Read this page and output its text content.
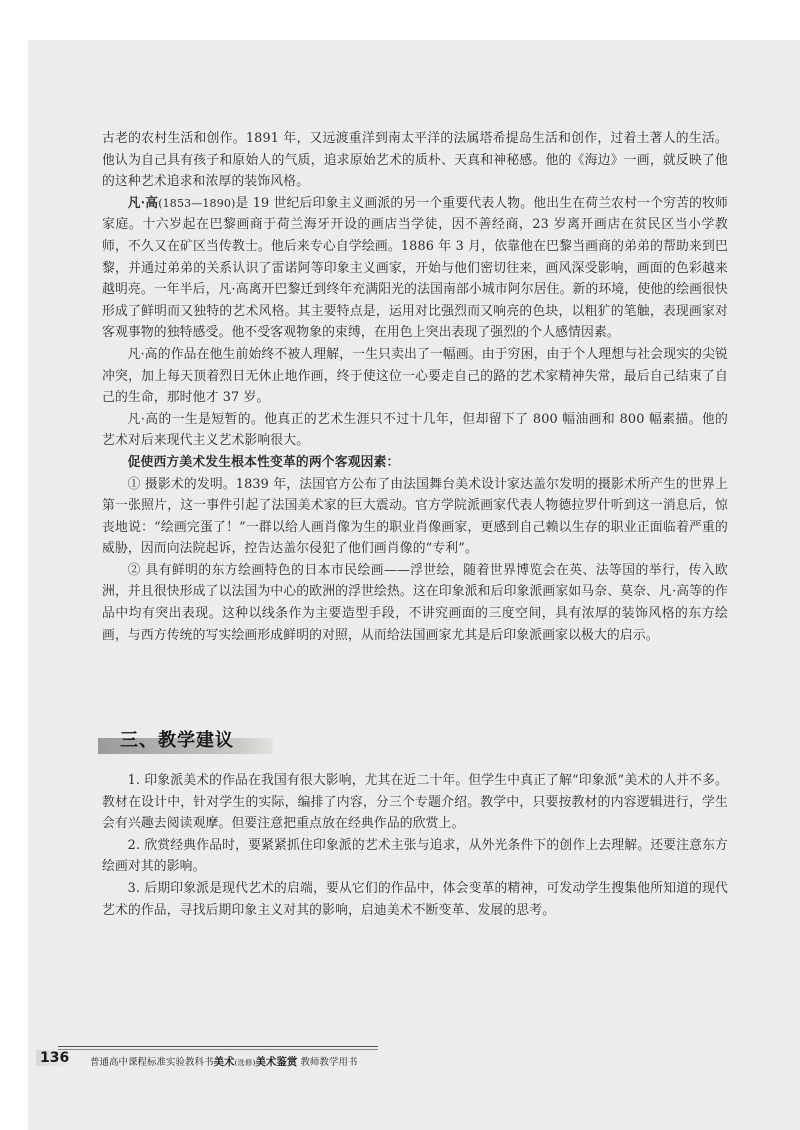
古老的农村生活和创作。1891 年，又远渡重洋到南太平洋的法属塔希提岛生活和创作，过着土著人的生活。他认为自己具有孩子和原始人的气质，追求原始艺术的质朴、天真和神秘感。他的《海边》一画，就反映了他的这种艺术追求和浓厚的装饰风格。

凡·高(1853—1890)是 19 世纪后印象主义画派的另一个重要代表人物。他出生在荷兰农村一个穷苦的牧师家庭。十六岁起在巴黎画商于荷兰海牙开设的画店当学徒，因不善经商，23 岁离开画店在贫民区当小学教师，不久又在矿区当传教士。他后来专心自学绘画。1886 年 3 月，依靠他在巴黎当画商的弟弟的帮助来到巴黎，并通过弟弟的关系认识了雷诺阿等印象主义画家，开始与他们密切往来，画风深受影响，画面的色彩越来越明亮。一年半后，凡·高离开巴黎迁到终年充满阳光的法国南部小城市阿尔居住。新的环境，使他的绘画很快形成了鲜明而又独特的艺术风格。其主要特点是，运用对比强烈而又响亮的色块，以粗犷的笔触，表现画家对客观事物的独特感受。他不受客观物象的束缚，在用色上突出表现了强烈的个人感情因素。

凡·高的作品在他生前始终不被人理解，一生只卖出了一幅画。由于穷困，由于个人理想与社会现实的尖锐冲突，加上每天顶着烈日无休止地作画，终于使这位一心要走自己的路的艺术家精神失常，最后自己结束了自己的生命，那时他才 37 岁。

凡·高的一生是短暂的。他真正的艺术生涯只不过十几年，但却留下了 800 幅油画和 800 幅素描。他的艺术对后来现代主义艺术影响很大。

促使西方美术发生根本性变革的两个客观因素：

① 摄影术的发明。1839 年，法国官方公布了由法国舞台美术设计家达盖尔发明的摄影术所产生的世界上第一张照片，这一事件引起了法国美术家的巨大震动。官方学院派画家代表人物德拉罗什听到这一消息后，惊丧地说：“绘画完蛋了！”一群以给人画肖像为生的职业肖像画家，更感到自己赖以生存的职业正面临着严重的威胁，因而向法院起诉，控告达盖尔侵犯了他们画肖像的“专利”。

② 具有鲜明的东方绘画特色的日本市民绘画——浮世绘，随着世界博览会在英、法等国的举行，传入欧洲，并且很快形成了以法国为中心的欧洲的浮世绘热。这在印象派和后印象派画家如马奈、莫奈、凡·高等的作品中均有突出表现。这种以线条作为主要造型手段，不讲究画面的三度空间，具有浓厚的装饰风格的东方绘画，与西方传统的写实绘画形成鲜明的对照，从而给法国画家尤其是后印象派画家以极大的启示。

三、教学建议

1. 印象派美术的作品在我国有很大影响，尤其在近二十年。但学生中真正了解“印象派”美术的人并不多。教材在设计中，针对学生的实际，编排了内容，分三个专题介绍。教学中，只要按教材的内容逻辑进行，学生会有兴趣去阅读观摩。但要注意把重点放在经典作品的欣赏上。

2. 欣赏经典作品时，要紧紧抓住印象派的艺术主张与追求，从外光条件下的创作上去理解。还要注意东方绘画对其的影响。

3. 后期印象派是现代艺术的启端，要从它们的作品中，体会变革的精神，可发动学生搜集他所知道的现代艺术的作品，寻找后期印象主义对其的影响，启迪美术不断变革、发展的思考。

136	普通高中课程标准实验教科书美术(选修)美术鉴赏 教师教学用书
